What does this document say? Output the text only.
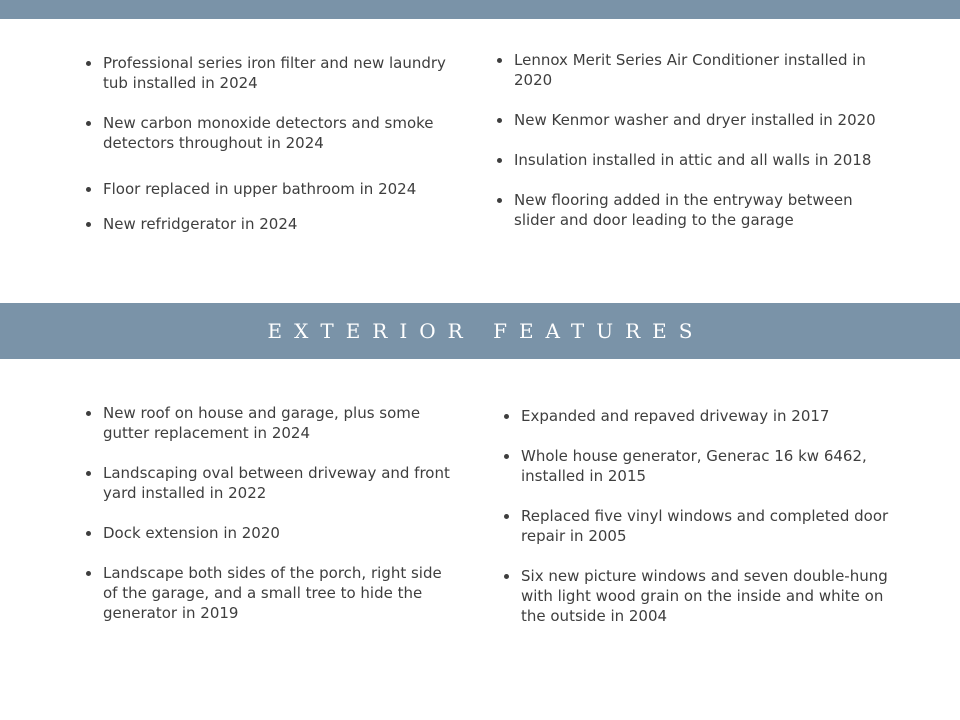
Professional series iron filter and new laundry tub installed in 2024
New carbon monoxide detectors and smoke detectors throughout in 2024
Floor replaced in upper bathroom in 2024
New refridgerator in 2024
Lennox Merit Series Air Conditioner installed in 2020
New Kenmor washer and dryer installed in 2020
Insulation installed in attic and all walls in 2018
New flooring added in the entryway between slider and door leading to the garage
EXTERIOR FEATURES
New roof on house and garage, plus some gutter replacement in 2024
Landscaping oval between driveway and front yard installed in 2022
Dock extension in 2020
Landscape both sides of the porch, right side of the garage, and a small tree to hide the generator in 2019
Expanded and repaved driveway in 2017
Whole house generator, Generac 16 kw 6462, installed in 2015
Replaced five vinyl windows and completed door repair in 2005
Six new picture windows and seven double-hung with light wood grain on the inside and white on the outside in 2004
